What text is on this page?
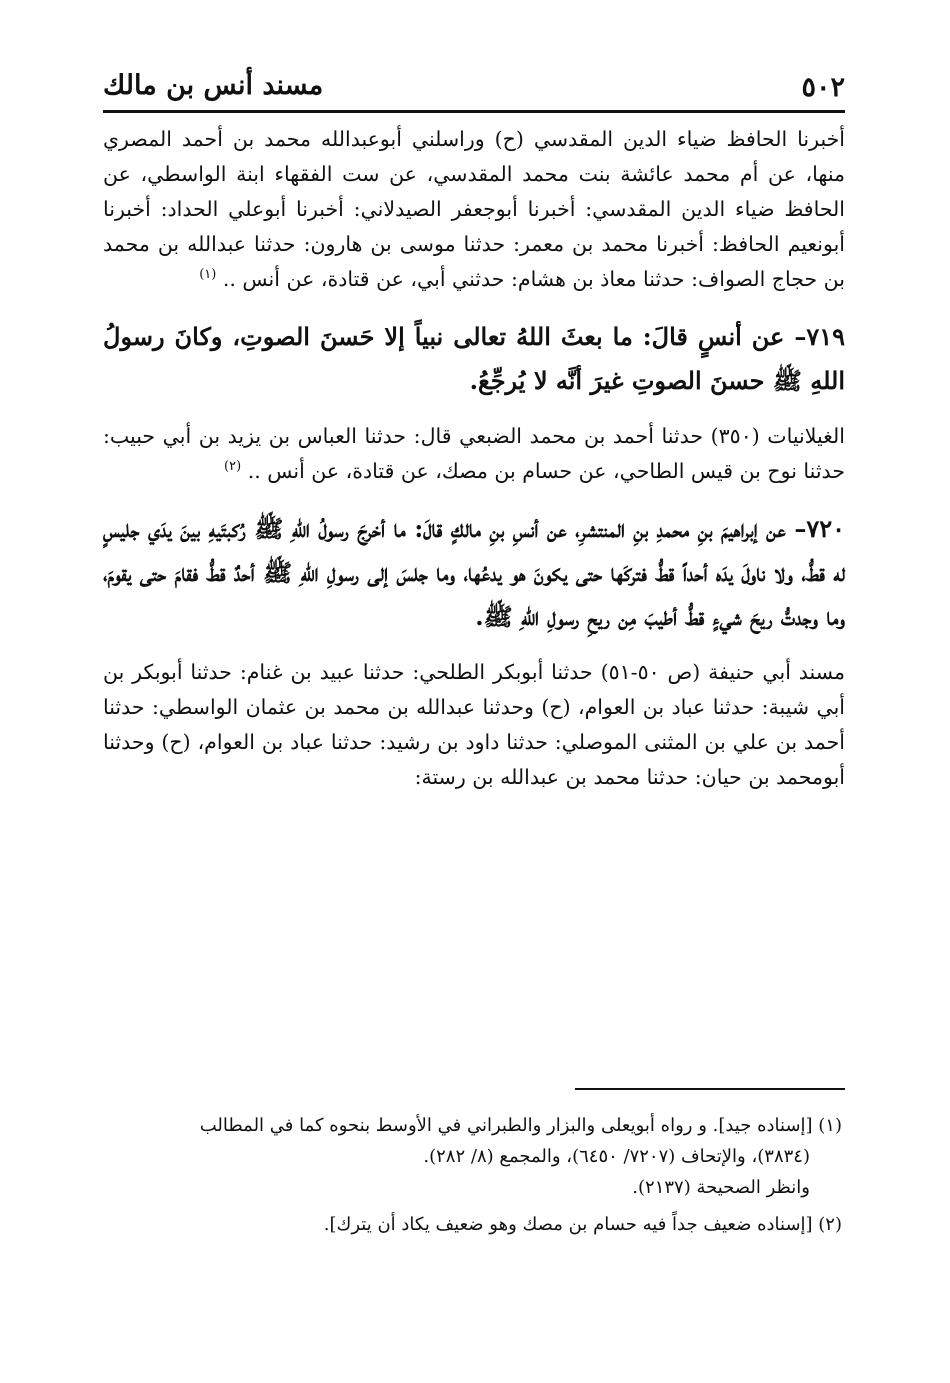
٥٠٢
مسند أنس بن مالك

أخبرنا الحافظ ضياء الدين المقدسي (ح) وراسلني أبوعبدالله محمد بن أحمد المصري منها، عن أم محمد عائشة بنت محمد المقدسي، عن ست الفقهاء ابنة الواسطي، عن الحافظ ضياء الدين المقدسي: أخبرنا أبوجعفر الصيدلاني: أخبرنا أبوعلي الحداد: أخبرنا أبونعيم الحافظ: أخبرنا محمد بن معمر: حدثنا موسى بن هارون: حدثنا عبدالله بن محمد بن حجاج الصواف: حدثنا معاذ بن هشام: حدثني أبي، عن قتادة، عن أنس .. $^{(١)}$

٧١٩– عن أنسٍ قالَ: ما بعثَ اللهُ تعالى نبياً إلا حَسنَ الصوتِ، وكانَ رسولُ اللهِ ﷺ حسنَ الصوتِ غيرَ أنَّه لا يُرجِّعُ.

الغيلانيات (٣٥٠) حدثنا أحمد بن محمد الضبعي قال: حدثنا العباس بن يزيد بن أبي حبيب: حدثنا نوح بن قيس الطاحي، عن حسام بن مصك، عن قتادة، عن أنس .. $^{(٢)}$

٧٢٠– عن إبراهيمَ بنِ محمدِ بنِ المنتشرِ، عن أنسِ بنِ مالكٍ قالَ: ما أخرجَ رسولُ اللهِ ﷺ رُكبتَيهِ بينَ يدَي جليسٍ له قطُّ، ولا ناولَ يدَه أحداً قطُّ فتركَها حتى يكونَ هو يدعُها، وما جلسَ إلى رسولِ اللهِ ﷺ أحدٌ قطُّ فقامَ حتى يقومَ، وما وجدتُّ ريحَ شيءٍ قطُّ أطيبَ مِن ريحِ رسولِ اللهِ ﷺ.

مسند أبي حنيفة (ص ٥٠-٥١) حدثنا أبوبكر الطلحي: حدثنا عبيد بن غنام: حدثنا أبوبكر بن أبي شيبة: حدثنا عباد بن العوام، (ح) وحدثنا عبدالله بن محمد بن عثمان الواسطي: حدثنا أحمد بن علي بن المثنى الموصلي: حدثنا داود بن رشيد: حدثنا عباد بن العوام، (ح) وحدثنا أبومحمد بن حيان: حدثنا محمد بن عبدالله بن رستة:

(١) [إسناده جيد]. و رواه أبويعلى والبزار والطبراني في الأوسط بنحوه كما في المطالب
(٣٨٣٤)، والإتحاف (٧٢٠٧/ ٦٤٥٠)، والمجمع (٨/ ٢٨٢).
وانظر الصحيحة (٢١٣٧).
(٢) [إسناده ضعيف جداً فيه حسام بن مصك وهو ضعيف يكاد أن يترك].
